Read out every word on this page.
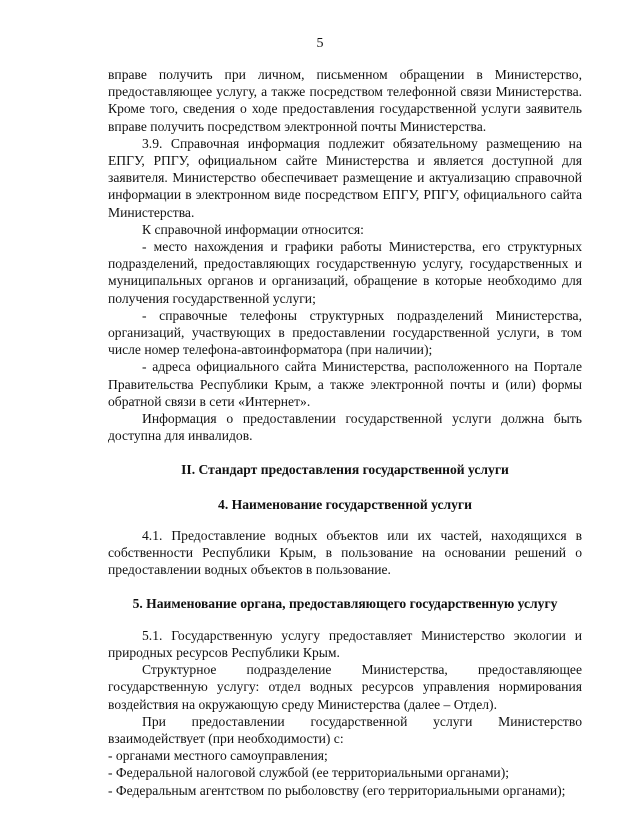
5

вправе получить при личном, письменном обращении в Министерство, предоставляющее услугу, а также посредством телефонной связи Министерства. Кроме того, сведения о ходе предоставления государственной услуги заявитель вправе получить посредством электронной почты Министерства.

3.9. Справочная информация подлежит обязательному размещению на ЕПГУ, РПГУ, официальном сайте Министерства и является доступной для заявителя. Министерство обеспечивает размещение и актуализацию справочной информации в электронном виде посредством ЕПГУ, РПГУ, официального сайта Министерства.

К справочной информации относится:

- место нахождения и графики работы Министерства, его структурных подразделений, предоставляющих государственную услугу, государственных и муниципальных органов и организаций, обращение в которые необходимо для получения государственной услуги;

- справочные телефоны структурных подразделений Министерства, организаций, участвующих в предоставлении государственной услуги, в том числе номер телефона-автоинформатора (при наличии);

- адреса официального сайта Министерства, расположенного на Портале Правительства Республики Крым, а также электронной почты и (или) формы обратной связи в сети «Интернет».

Информация о предоставлении государственной услуги должна быть доступна для инвалидов.

II. Стандарт предоставления государственной услуги
4. Наименование государственной услуги

4.1. Предоставление водных объектов или их частей, находящихся в собственности Республики Крым, в пользование на основании решений о предоставлении водных объектов в пользование.

5. Наименование органа, предоставляющего государственную услугу

5.1. Государственную услугу предоставляет Министерство экологии и природных ресурсов Республики Крым.

Структурное подразделение Министерства, предоставляющее государственную услугу: отдел водных ресурсов управления нормирования воздействия на окружающую среду Министерства (далее – Отдел).

При предоставлении государственной услуги Министерство взаимодействует (при необходимости) с:

- органами местного самоуправления;

- Федеральной налоговой службой (ее территориальными органами);

- Федеральным агентством по рыболовству (его территориальными органами);
